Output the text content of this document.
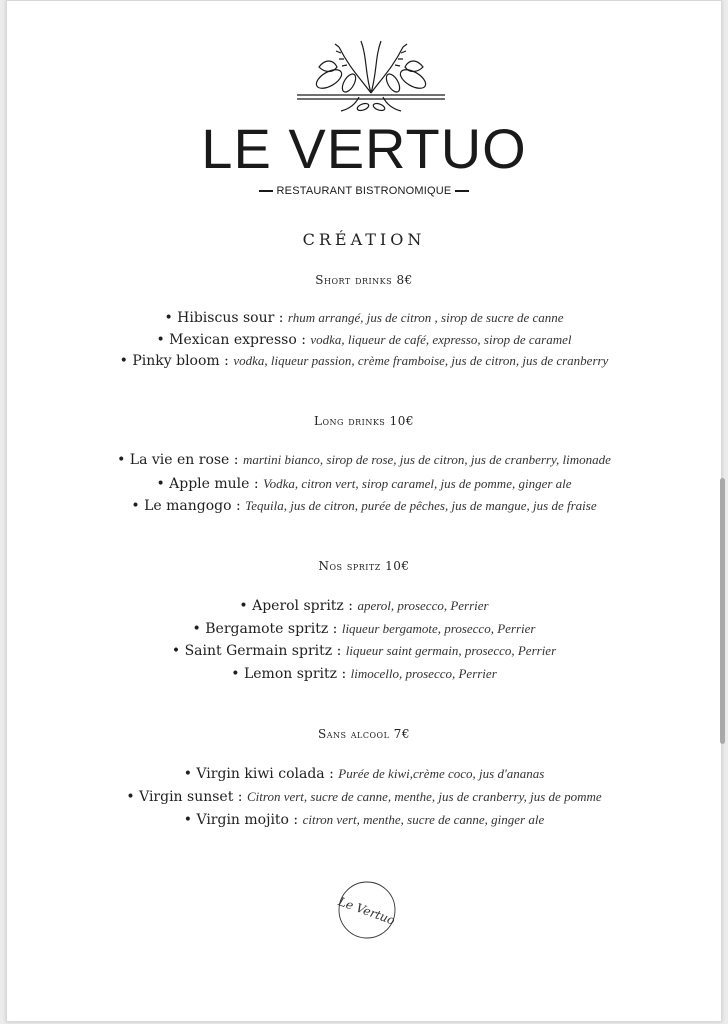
LE VERTUO
RESTAURANT BISTRONOMIQUE
CRÉATION
Short drinks 8€
• Hibiscus sour : rhum arrangé, jus de citron , sirop de sucre de canne
• Mexican expresso : vodka, liqueur de café, expresso, sirop de caramel
• Pinky bloom : vodka, liqueur passion, crème framboise, jus de citron, jus de cranberry
Long drinks 10€
• La vie en rose : martini bianco, sirop de rose, jus de citron, jus de cranberry, limonade
• Apple mule : Vodka, citron vert, sirop caramel, jus de pomme, ginger ale
• Le mangogo : Tequila, jus de citron, purée de pêches, jus de mangue, jus de fraise
Nos spritz 10€
• Aperol spritz : aperol, prosecco, Perrier
• Bergamote spritz : liqueur bergamote, prosecco, Perrier
• Saint Germain spritz : liqueur saint germain, prosecco, Perrier
• Lemon spritz : limocello, prosecco, Perrier
Sans alcool 7€
• Virgin kiwi colada : Purée de kiwi,crème coco, jus d'ananas
• Virgin sunset : Citron vert, sucre de canne, menthe, jus de cranberry, jus de pomme
• Virgin mojito : citron vert, menthe, sucre de canne, ginger ale
Le Vertuo
